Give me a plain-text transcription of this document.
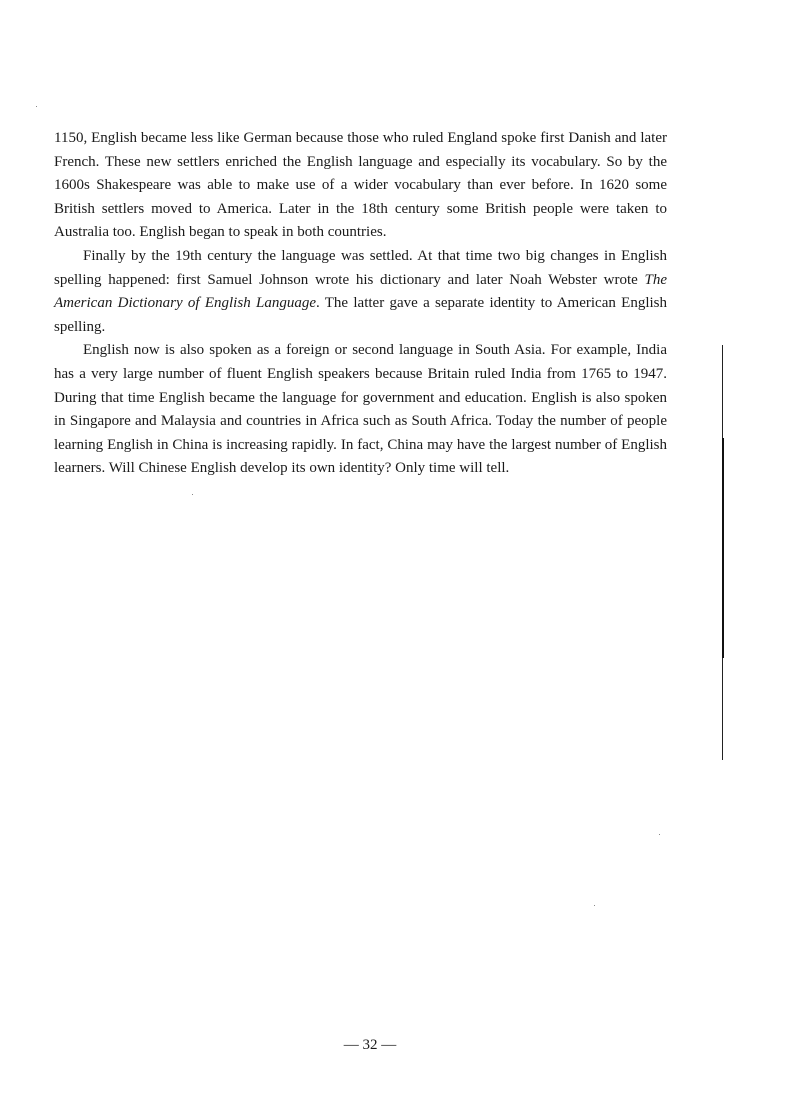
1150, English became less like German because those who ruled England spoke first Danish and later French. These new settlers enriched the English language and especially its vocabulary. So by the 1600s Shakespeare was able to make use of a wider vocabulary than ever before. In 1620 some British settlers moved to America. Later in the 18th century some British people were taken to Australia too. English began to speak in both countries.

Finally by the 19th century the language was settled. At that time two big changes in English spelling happened: first Samuel Johnson wrote his dictionary and later Noah Webster wrote The American Dictionary of English Language. The latter gave a separate identity to American English spelling.

English now is also spoken as a foreign or second language in South Asia. For example, India has a very large number of fluent English speakers because Britain ruled India from 1765 to 1947. During that time English became the language for government and education. English is also spoken in Singapore and Malaysia and countries in Africa such as South Africa. Today the number of people learning English in China is increasing rapidly. In fact, China may have the largest number of English learners. Will Chinese English develop its own identity? Only time will tell.

— 32 —
